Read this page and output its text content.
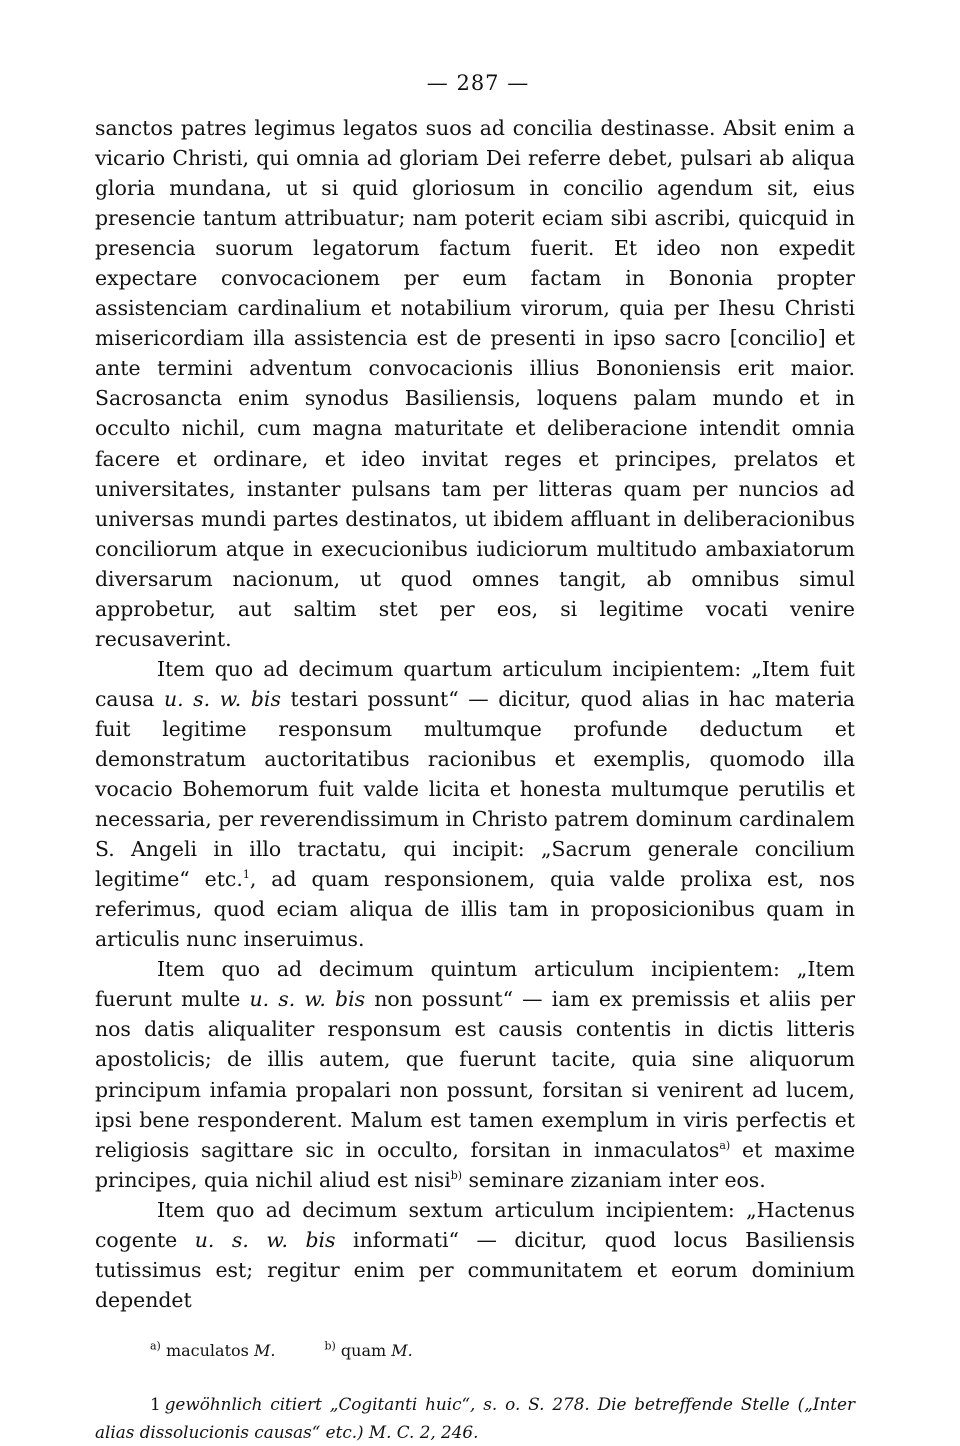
— 287 —

sanctos patres legimus legatos suos ad concilia destinasse. Absit enim a vicario Christi, qui omnia ad gloriam Dei referre debet, pulsari ab aliqua gloria mundana, ut si quid gloriosum in concilio agendum sit, eius presencie tantum attribuatur; nam poterit eciam sibi ascribi, quicquid in presencia suorum legatorum factum fuerit. Et ideo non expedit expectare convocacionem per eum factam in Bononia propter assistenciam cardinalium et notabilium virorum, quia per Ihesu Christi misericordiam illa assistencia est de presenti in ipso sacro [concilio] et ante termini adventum convocacionis illius Bononiensis erit maior. Sacrosancta enim synodus Basiliensis, loquens palam mundo et in occulto nichil, cum magna maturitate et deliberacione intendit omnia facere et ordinare, et ideo invitat reges et principes, prelatos et universitates, instanter pulsans tam per litteras quam per nuncios ad universas mundi partes destinatos, ut ibidem affluant in deliberacionibus conciliorum atque in execucionibus iudiciorum multitudo ambaxiatorum diversarum nacionum, ut quod omnes tangit, ab omnibus simul approbetur, aut saltim stet per eos, si legitime vocati venire recusaverint.

Item quo ad decimum quartum articulum incipientem: „Item fuit causa u. s. w. bis testari possunt“ — dicitur, quod alias in hac materia fuit legitime responsum multumque profunde deductum et demonstratum auctoritatibus racionibus et exemplis, quomodo illa vocacio Bohemorum fuit valde licita et honesta multumque perutilis et necessaria, per reverendissimum in Christo patrem dominum cardinalem S. Angeli in illo tractatu, qui incipit: „Sacrum generale concilium legitime“ etc.$^1$, ad quam responsionem, quia valde prolixa est, nos referimus, quod eciam aliqua de illis tam in proposicionibus quam in articulis nunc inseruimus.

Item quo ad decimum quintum articulum incipientem: „Item fuerunt multe u. s. w. bis non possunt“ — iam ex premissis et aliis per nos datis aliqualiter responsum est causis contentis in dictis litteris apostolicis; de illis autem, que fuerunt tacite, quia sine aliquorum principum infamia propalari non possunt, forsitan si venirent ad lucem, ipsi bene responderent. Malum est tamen exemplum in viris perfectis et religiosis sagittare sic in occulto, forsitan in inmaculatos$^{a)}$ et maxime principes, quia nichil aliud est nisi$^{b)}$ seminare zizaniam inter eos.

Item quo ad decimum sextum articulum incipientem: „Hactenus cogente u. s. w. bis informati“ — dicitur, quod locus Basiliensis tutissimus est; regitur enim per communitatem et eorum dominium dependet

$^{a)}$ maculatos M.	$^{b)}$ quam M.
1 gewöhnlich citiert „Cogitanti huic“, s. o. S. 278. Die betreffende Stelle („Inter alias dissolucionis causas“ etc.) M. C. 2, 246.
